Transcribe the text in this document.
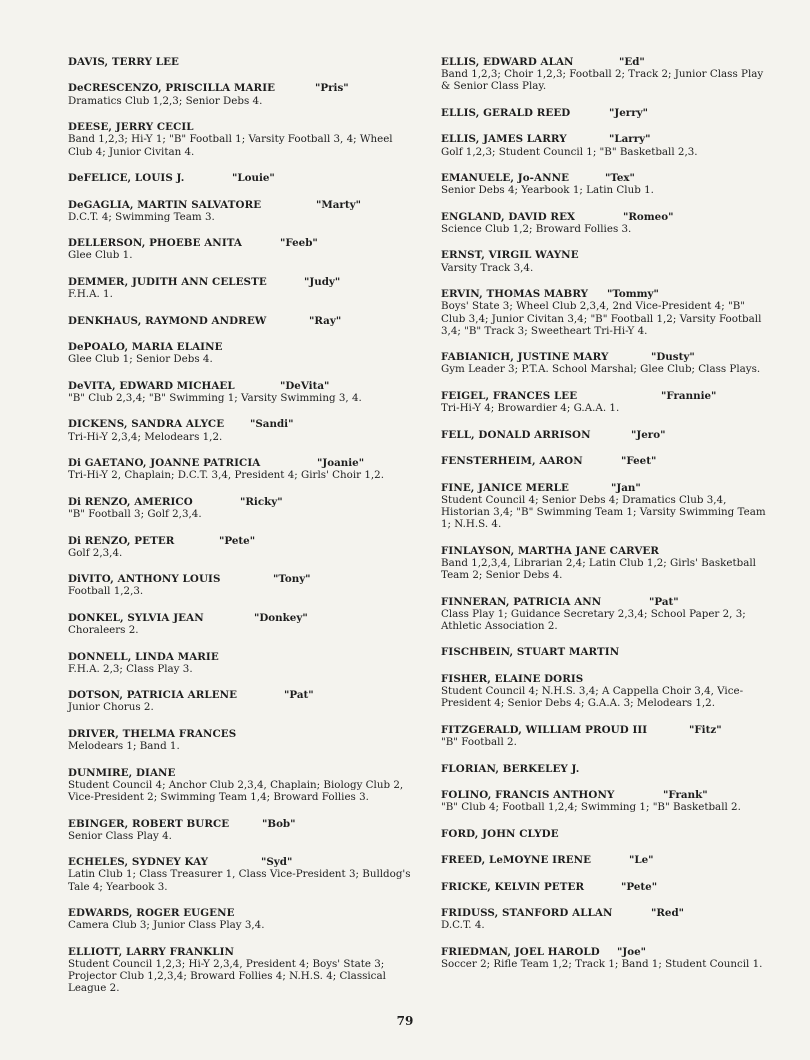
DAVIS, TERRY LEE
DeCRESCENZO, PRISCILLA MARIE	"Pris"
Dramatics Club 1,2,3; Senior Debs 4.
DEESE, JERRY CECIL
Band 1,2,3; Hi-Y 1; "B" Football 1; Varsity Football 3, 4; Wheel Club 4; Junior Civitan 4.
DeFELICE, LOUIS J.	"Louie"
DeGAGLIA, MARTIN SALVATORE	"Marty"
D.C.T. 4; Swimming Team 3.
DELLERSON, PHOEBE ANITA	"Feeb"
Glee Club 1.
DEMMER, JUDITH ANN CELESTE	"Judy"
F.H.A. 1.
DENKHAUS, RAYMOND ANDREW	"Ray"
DePOALO, MARIA ELAINE
Glee Club 1; Senior Debs 4.
DeVITA, EDWARD MICHAEL	"DeVita"
"B" Club 2,3,4; "B" Swimming 1; Varsity Swimming 3, 4.
DICKENS, SANDRA ALYCE	"Sandi"
Tri-Hi-Y 2,3,4; Melodears 1,2.
Di GAETANO, JOANNE PATRICIA	"Joanie"
Tri-Hi-Y 2, Chaplain; D.C.T. 3,4, President 4; Girls' Choir 1,2.
Di RENZO, AMERICO	"Ricky"
"B" Football 3; Golf 2,3,4.
Di RENZO, PETER	"Pete"
Golf 2,3,4.
DiVITO, ANTHONY LOUIS	"Tony"
Football 1,2,3.
DONKEL, SYLVIA JEAN	"Donkey"
Choraleers 2.
DONNELL, LINDA MARIE
F.H.A. 2,3; Class Play 3.
DOTSON, PATRICIA ARLENE	"Pat"
Junior Chorus 2.
DRIVER, THELMA FRANCES
Melodears 1; Band 1.
DUNMIRE, DIANE
Student Council 4; Anchor Club 2,3,4, Chaplain; Biology Club 2, Vice-President 2; Swimming Team 1,4; Broward Follies 3.
EBINGER, ROBERT BURCE	"Bob"
Senior Class Play 4.
ECHELES, SYDNEY KAY	"Syd"
Latin Club 1; Class Treasurer 1, Class Vice-President 3; Bulldog's Tale 4; Yearbook 3.
EDWARDS, ROGER EUGENE
Camera Club 3; Junior Class Play 3,4.
ELLIOTT, LARRY FRANKLIN
Student Council 1,2,3; Hi-Y 2,3,4, President 4; Boys' State 3; Projector Club 1,2,3,4; Broward Follies 4; N.H.S. 4; Classical League 2.
ELLIS, EDWARD ALAN	"Ed"
Band 1,2,3; Choir 1,2,3; Football 2; Track 2; Junior Class Play & Senior Class Play.
ELLIS, GERALD REED	"Jerry"
ELLIS, JAMES LARRY	"Larry"
Golf 1,2,3; Student Council 1; "B" Basketball 2,3.
EMANUELE, Jo-ANNE	"Tex"
Senior Debs 4; Yearbook 1; Latin Club 1.
ENGLAND, DAVID REX	"Romeo"
Science Club 1,2; Broward Follies 3.
ERNST, VIRGIL WAYNE
Varsity Track 3,4.
ERVIN, THOMAS MABRY "Tommy"
Boys' State 3; Wheel Club 2,3,4, 2nd Vice-President 4; "B" Club 3,4; Junior Civitan 3,4; "B" Football 1,2; Varsity Football 3,4; "B" Track 3; Sweetheart Tri-Hi-Y 4.
FABIANICH, JUSTINE MARY	"Dusty"
Gym Leader 3; P.T.A. School Marshal; Glee Club; Class Plays.
FEIGEL, FRANCES LEE	"Frannie"
Tri-Hi-Y 4; Browardier 4; G.A.A. 1.
FELL, DONALD ARRISON	"Jero"
FENSTERHEIM, AARON	"Feet"
FINE, JANICE MERLE	"Jan"
Student Council 4; Senior Debs 4; Dramatics Club 3,4, Historian 3,4; "B" Swimming Team 1; Varsity Swimming Team 1; N.H.S. 4.
FINLAYSON, MARTHA JANE CARVER
Band 1,2,3,4, Librarian 2,4; Latin Club 1,2; Girls' Basketball Team 2; Senior Debs 4.
FINNERAN, PATRICIA ANN	"Pat"
Class Play 1; Guidance Secretary 2,3,4; School Paper 2, 3; Athletic Association 2.
FISCHBEIN, STUART MARTIN
FISHER, ELAINE DORIS
Student Council 4; N.H.S. 3,4; A Cappella Choir 3,4, Vice-President 4; Senior Debs 4; G.A.A. 3; Melodears 1,2.
FITZGERALD, WILLIAM PROUD III	"Fitz"
"B" Football 2.
FLORIAN, BERKELEY J.
FOLINO, FRANCIS ANTHONY	"Frank"
"B" Club 4; Football 1,2,4; Swimming 1; "B" Basketball 2.
FORD, JOHN CLYDE
FREED, LeMOYNE IRENE	"Le"
FRICKE, KELVIN PETER	"Pete"
FRIDUSS, STANFORD ALLAN	"Red"
D.C.T. 4.
FRIEDMAN, JOEL HAROLD "Joe"
Soccer 2; Rifle Team 1,2; Track 1; Band 1; Student Council 1.
79
